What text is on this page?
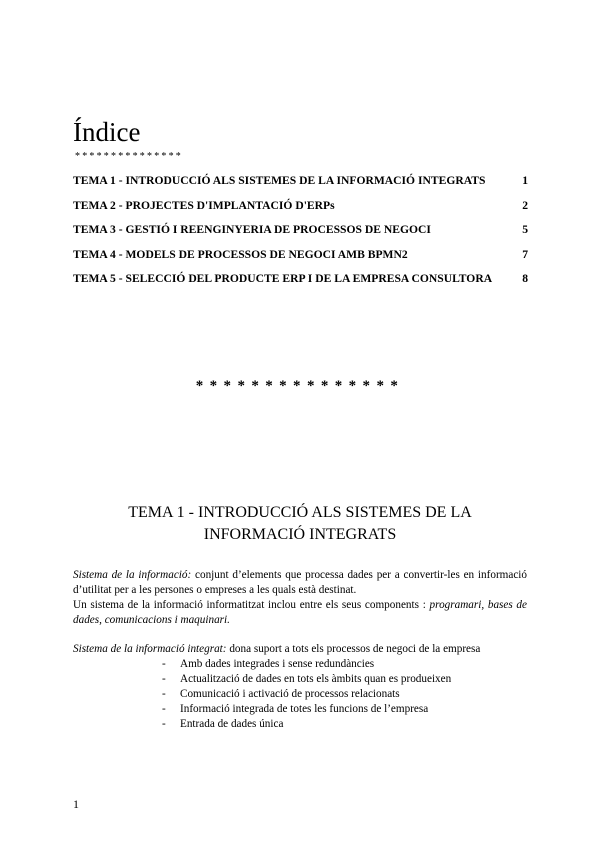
Índice
***************
TEMA 1 - INTRODUCCIÓ ALS SISTEMES DE LA INFORMACIÓ INTEGRATS	1
TEMA 2 - PROJECTES D'IMPLANTACIÓ D'ERPs	2
TEMA 3 - GESTIÓ I REENGINYERIA DE PROCESSOS DE NEGOCI	5
TEMA 4 - MODELS DE PROCESSOS DE NEGOCI AMB BPMN2	7
TEMA 5 - SELECCIÓ DEL PRODUCTE ERP I DE LA EMPRESA CONSULTORA	8
***************
TEMA 1 - INTRODUCCIÓ ALS SISTEMES DE LA INFORMACIÓ INTEGRATS

Sistema de la informació: conjunt d’elements que processa dades per a convertir-les en informació d’utilitat per a les persones o empreses a les quals està destinat.

Un sistema de la informació informatitzat inclou entre els seus components : programari, bases de dades, comunicacions i maquinari.

Sistema de la informació integrat: dona suport a tots els processos de negoci de la empresa

- Amb dades integrades i sense redundàncies
- Actualització de dades en tots els àmbits quan es produeixen
- Comunicació i activació de processos relacionats
- Informació integrada de totes les funcions de l’empresa
- Entrada de dades única
1
